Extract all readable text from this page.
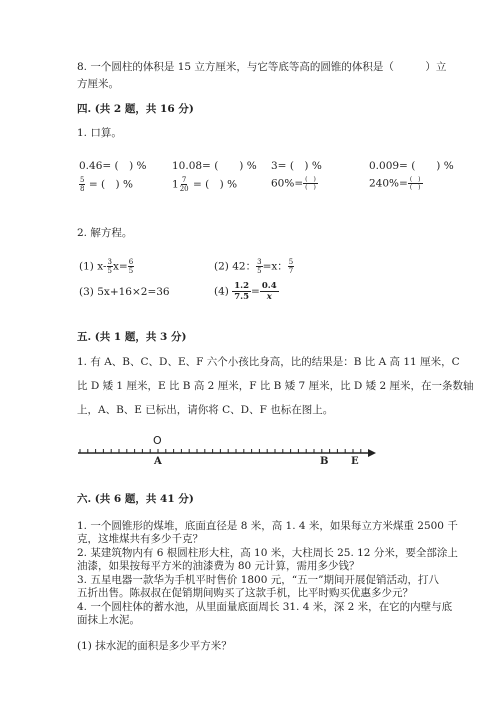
8. 一个圆柱的体积是 15 立方厘米，与它等底等高的圆锥的体积是（　　　）立
方厘米。
四. (共 2 题，共 16 分)
1. 口算。
0.46= (　) % 10.08= (　　) % 3= (　) %	0.009= (　　) %
$\frac{5}{8}$ = (　) %	$1 \frac{7}{20}$ = (　) %	$60\%= \frac{( )}{( )}$	$240\%= \frac{( )}{( )}$
2. 解方程。
(1) $x- \frac{3}{5} x= \frac{6}{5}$	(2) 42： $\frac{3}{5} =x$： $\frac{5}{7}$
(3) 5x+16×2=36	$(4) \frac{1.2}{7.5} = \frac{0.4}{x}$
五. (共 1 题，共 3 分)
1. 有 A、B、C、D、E、F 六个小孩比身高，比的结果是：B 比 A 高 11 厘米，C
比 D 矮 1 厘米，E 比 B 高 2 厘米，F 比 B 矮 7 厘米，比 D 矮 2 厘米，在一条数轴
上，A、B、E 已标出，请你将 C、D、F 也标在图上。
O
A	B E
六. (共 6 题，共 41 分)
1. 一个圆锥形的煤堆，底面直径是 8 米，高 1. 4 米，如果每立方米煤重 2500 千
克，这堆煤共有多少千克？
2. 某建筑物内有 6 根圆柱形大柱，高 10 米，大柱周长 25. 12 分米，要全部涂上
油漆，如果按每平方米的油漆费为 80 元计算，需用多少钱？
3. 五星电器一款华为手机平时售价 1800 元，“五一”期间开展促销活动，打八
五折出售。陈叔叔在促销期间购买了这款手机，比平时购买优惠多少元？
4. 一个圆柱体的蓄水池，从里面量底面周长 31. 4 米，深 2 米，在它的内壁与底
面抹上水泥。
(1) 抹水泥的面积是多少平方米？
